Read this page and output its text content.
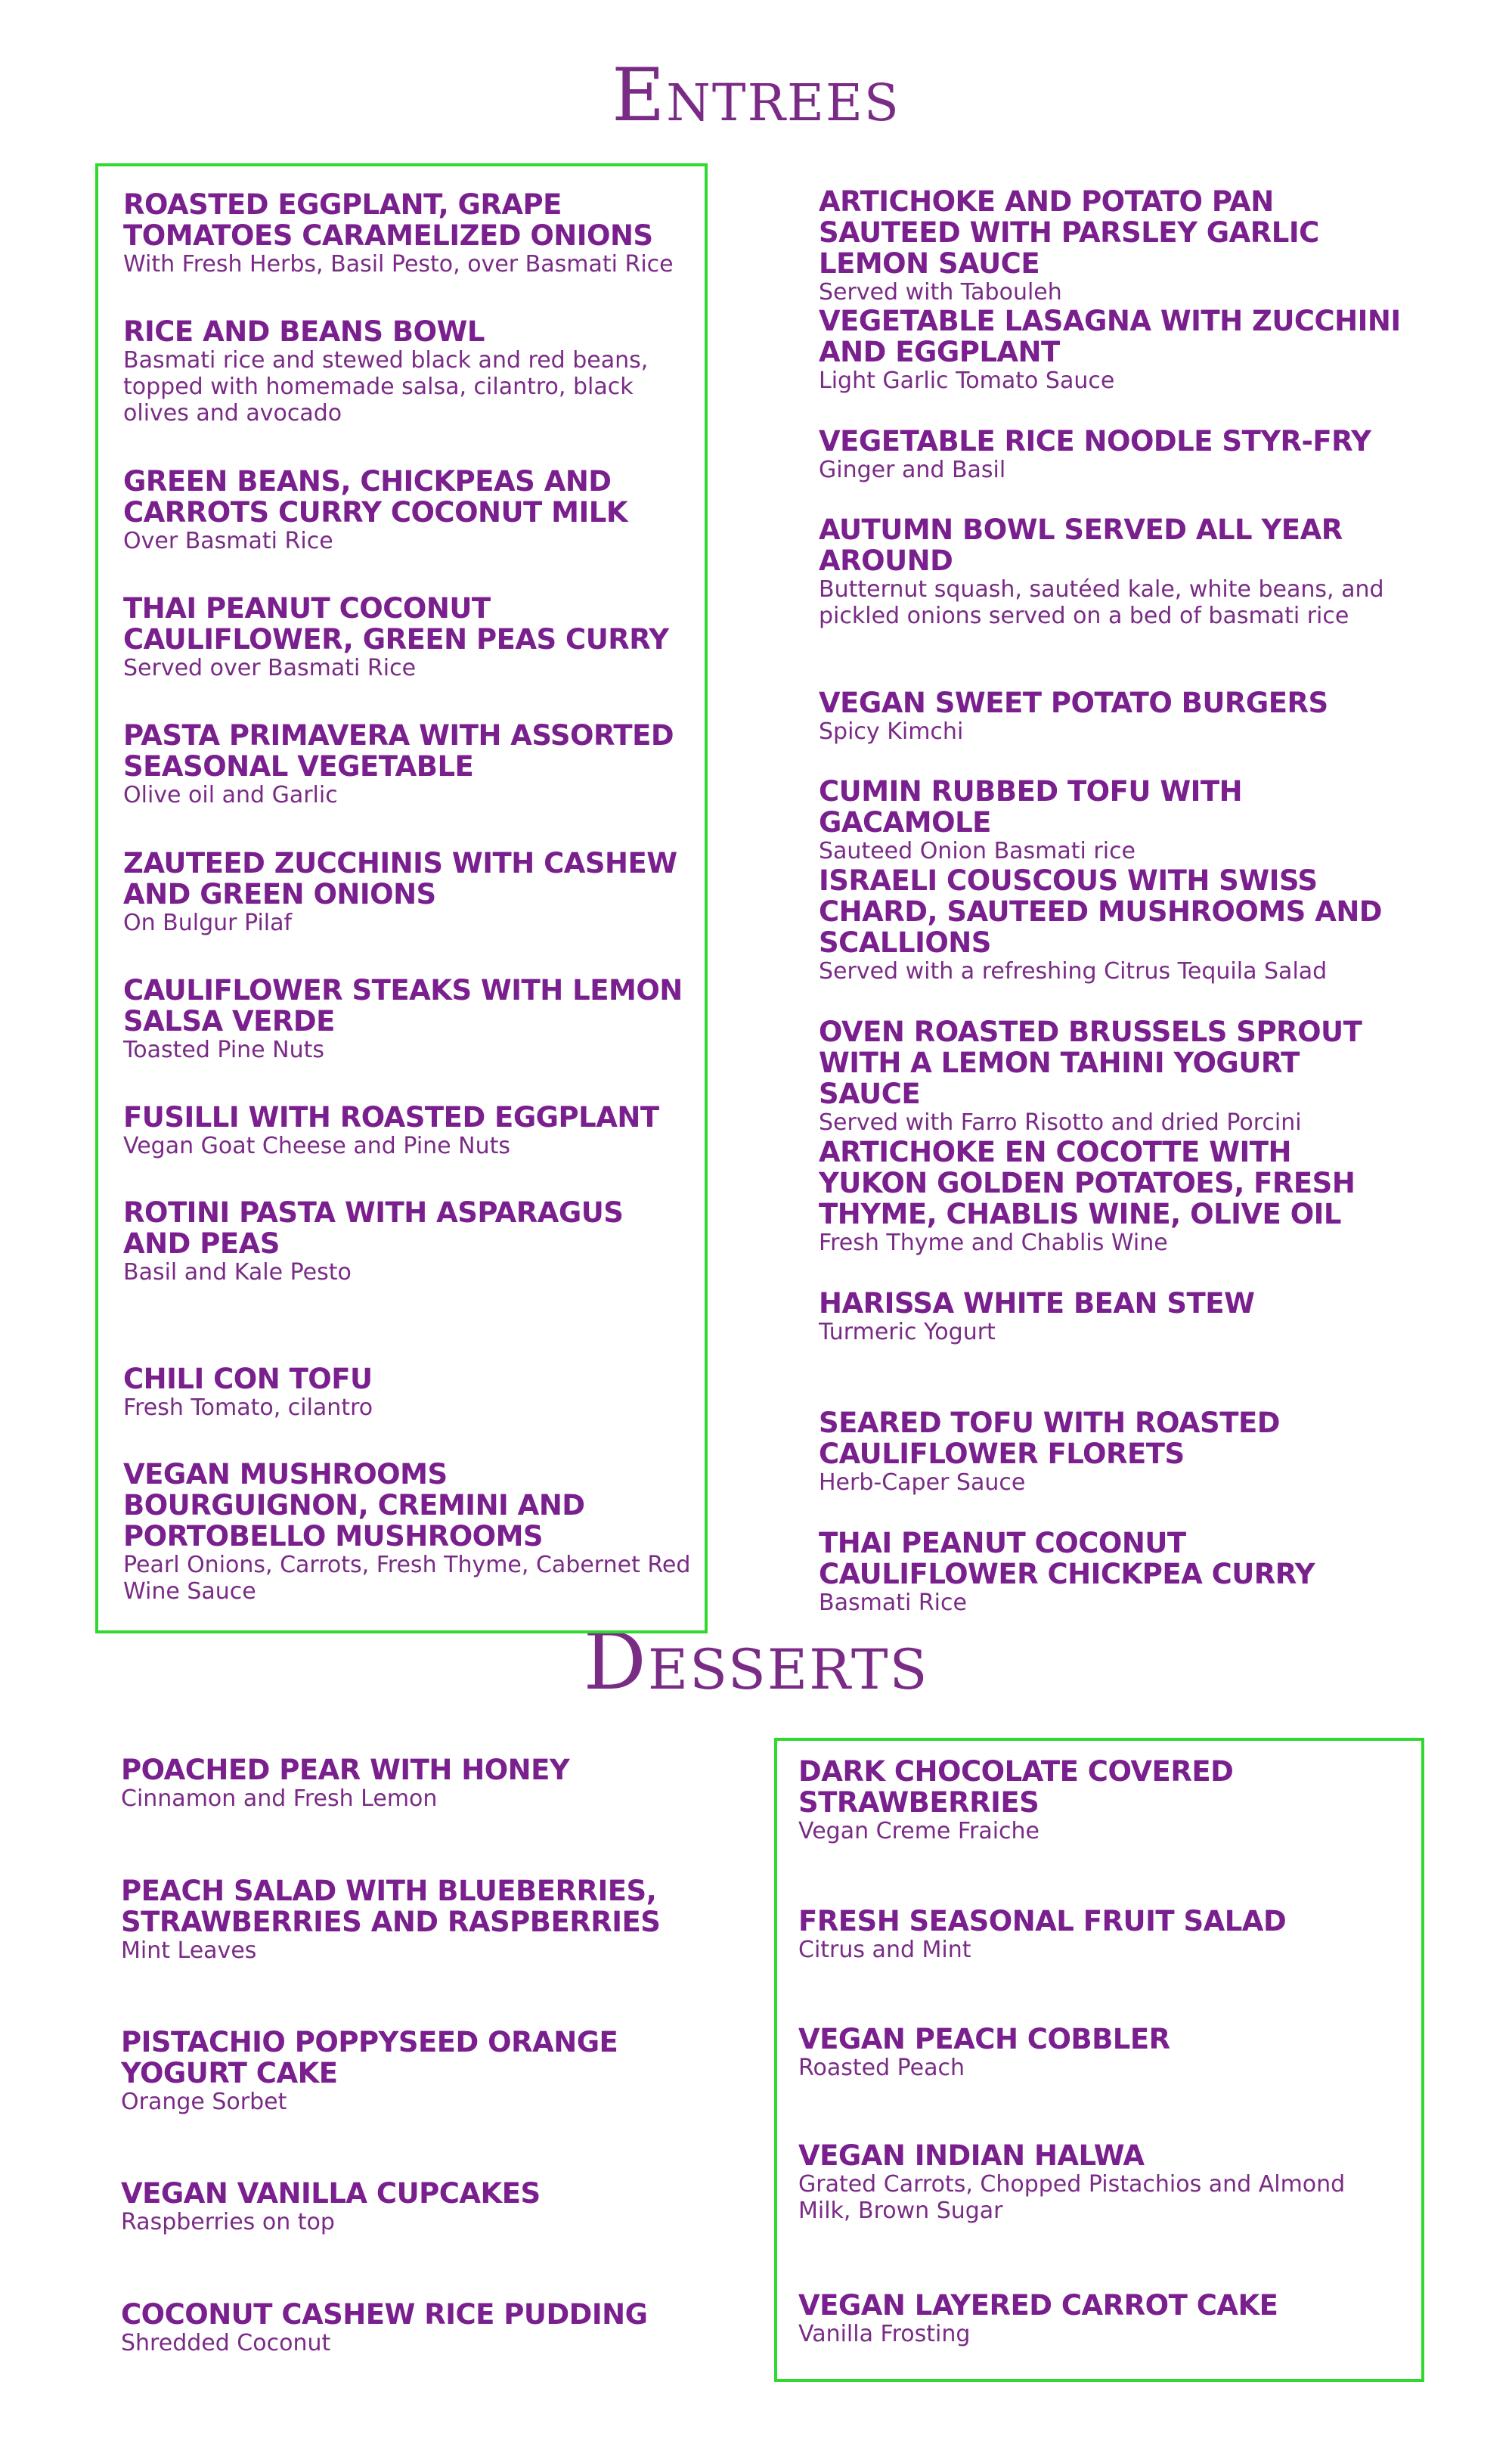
Entrees
Desserts
ROASTED EGGPLANT, GRAPE TOMATOES CARAMELIZED ONIONS
With Fresh Herbs, Basil Pesto, over Basmati Rice
RICE AND BEANS BOWL
Basmati rice and stewed black and red beans, topped with homemade salsa, cilantro, black olives and avocado
GREEN BEANS, CHICKPEAS AND CARROTS CURRY COCONUT MILK
Over Basmati Rice
THAI PEANUT COCONUT CAULIFLOWER, GREEN PEAS CURRY
Served over Basmati Rice
PASTA PRIMAVERA WITH ASSORTED SEASONAL VEGETABLE
Olive oil and Garlic
ZAUTEED ZUCCHINIS WITH CASHEW AND GREEN ONIONS
On Bulgur Pilaf
CAULIFLOWER STEAKS WITH LEMON SALSA VERDE
Toasted Pine Nuts
FUSILLI WITH ROASTED EGGPLANT
Vegan Goat Cheese and Pine Nuts
ROTINI PASTA WITH ASPARAGUS AND PEAS
Basil and Kale Pesto
CHILI CON TOFU
Fresh Tomato, cilantro
VEGAN MUSHROOMS BOURGUIGNON, CREMINI AND PORTOBELLO MUSHROOMS
Pearl Onions, Carrots, Fresh Thyme, Cabernet Red Wine Sauce
ARTICHOKE AND POTATO PAN SAUTEED WITH PARSLEY GARLIC LEMON SAUCE
Served with Tabouleh
VEGETABLE LASAGNA WITH ZUCCHINI AND EGGPLANT
Light Garlic Tomato Sauce
VEGETABLE RICE NOODLE STYR-FRY
Ginger and Basil
AUTUMN BOWL SERVED ALL YEAR AROUND
Butternut squash, sautéed kale, white beans, and pickled onions served on a bed of basmati rice
VEGAN SWEET POTATO BURGERS
Spicy Kimchi
CUMIN RUBBED TOFU WITH GACAMOLE
Sauteed Onion Basmati rice
ISRAELI COUSCOUS WITH SWISS CHARD, SAUTEED MUSHROOMS AND SCALLIONS
Served with a refreshing Citrus Tequila Salad
OVEN ROASTED BRUSSELS SPROUT WITH A LEMON TAHINI YOGURT SAUCE
Served with Farro Risotto and dried Porcini
ARTICHOKE EN COCOTTE WITH YUKON GOLDEN POTATOES, FRESH THYME, CHABLIS WINE, OLIVE OIL
Fresh Thyme and Chablis Wine
HARISSA WHITE BEAN STEW
Turmeric Yogurt
SEARED TOFU WITH ROASTED CAULIFLOWER FLORETS
Herb-Caper Sauce
THAI PEANUT COCONUT CAULIFLOWER CHICKPEA CURRY
Basmati Rice
POACHED PEAR WITH HONEY
Cinnamon and Fresh Lemon
PEACH SALAD WITH BLUEBERRIES, STRAWBERRIES AND RASPBERRIES
Mint Leaves
PISTACHIO POPPYSEED ORANGE YOGURT CAKE
Orange Sorbet
VEGAN VANILLA CUPCAKES
Raspberries on top
COCONUT CASHEW RICE PUDDING
Shredded Coconut
DARK CHOCOLATE COVERED STRAWBERRIES
Vegan Creme Fraiche
FRESH SEASONAL FRUIT SALAD
Citrus and Mint
VEGAN PEACH COBBLER
Roasted Peach
VEGAN INDIAN HALWA
Grated Carrots, Chopped Pistachios and Almond Milk, Brown Sugar
VEGAN LAYERED CARROT CAKE
Vanilla Frosting
